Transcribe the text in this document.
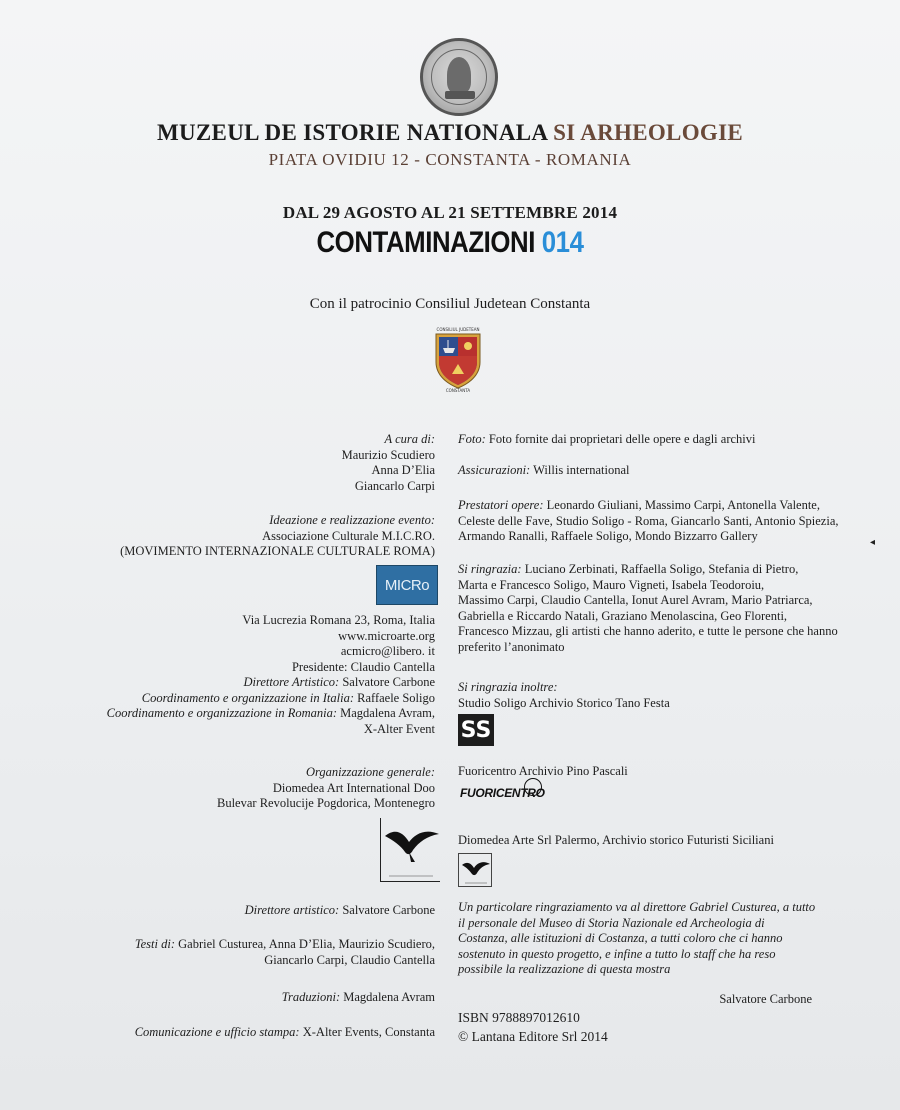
MUZEUL DE ISTORIE NATIONALA SI ARHEOLOGIE
PIATA OVIDIU 12 - CONSTANTA - ROMANIA
DAL 29 AGOSTO AL 21 SETTEMBRE 2014
CONTAMINAZIONI 014
Con il patrocinio Consiliul Judetean Constanta
CONSILIUL JUDETEAN
CONSTANTA
A cura di:
Maurizio Scudiero
Anna D’Elia
Giancarlo Carpi
Ideazione e realizzazione evento:
Associazione Culturale M.I.C.RO.
(MOVIMENTO INTERNAZIONALE CULTURALE ROMA)
MICRo
Via Lucrezia Romana 23, Roma, Italia
www.microarte.org
acmicro@libero. it
Presidente: Claudio Cantella
Direttore Artistico: Salvatore Carbone
Coordinamento e organizzazione in Italia: Raffaele Soligo
Coordinamento e organizzazione in Romania: Magdalena Avram,
X-Alter Event
Organizzazione generale:
Diomedea Art International Doo
Bulevar Revolucije Pogdorica, Montenegro
Direttore artistico: Salvatore Carbone
Testi di: Gabriel Custurea, Anna D’Elia, Maurizio Scudiero,
Giancarlo Carpi, Claudio Cantella
Traduzioni: Magdalena Avram
Comunicazione e ufficio stampa: X-Alter Events, Constanta
Foto: Foto fornite dai proprietari delle opere e dagli archivi
Assicurazioni: Willis international
Prestatori opere: Leonardo Giuliani, Massimo Carpi, Antonella Valente,
Celeste delle Fave, Studio Soligo - Roma, Giancarlo Santi, Antonio Spiezia,
Armando Ranalli, Raffaele Soligo, Mondo Bizzarro Gallery
Si ringrazia: Luciano Zerbinati, Raffaella Soligo, Stefania di Pietro,
Marta e Francesco Soligo, Mauro Vigneti, Isabela Teodoroiu,
Massimo Carpi, Claudio Cantella, Ionut Aurel Avram, Mario Patriarca,
Gabriella e Riccardo Natali, Graziano Menolascina, Geo Florenti,
Francesco Mizzau, gli artisti che hanno aderito, e tutte le persone che hanno
preferito l’anonimato
Si ringrazia inoltre:
Studio Soligo Archivio Storico Tano Festa
SS
Fuoricentro Archivio Pino Pascali
FUORICENTRO
Diomedea Arte Srl Palermo, Archivio storico Futuristi Siciliani
Un particolare ringraziamento va al direttore Gabriel Custurea, a tutto
il personale del Museo di Storia Nazionale ed Archeologia di
Costanza, alle istituzioni di Costanza, a tutti coloro che ci hanno
sostenuto in questo progetto, e infine a tutto lo staff che ha reso
possibile la realizzazione di questa mostra
Salvatore Carbone
ISBN 9788897012610
© Lantana Editore Srl 2014
◂
